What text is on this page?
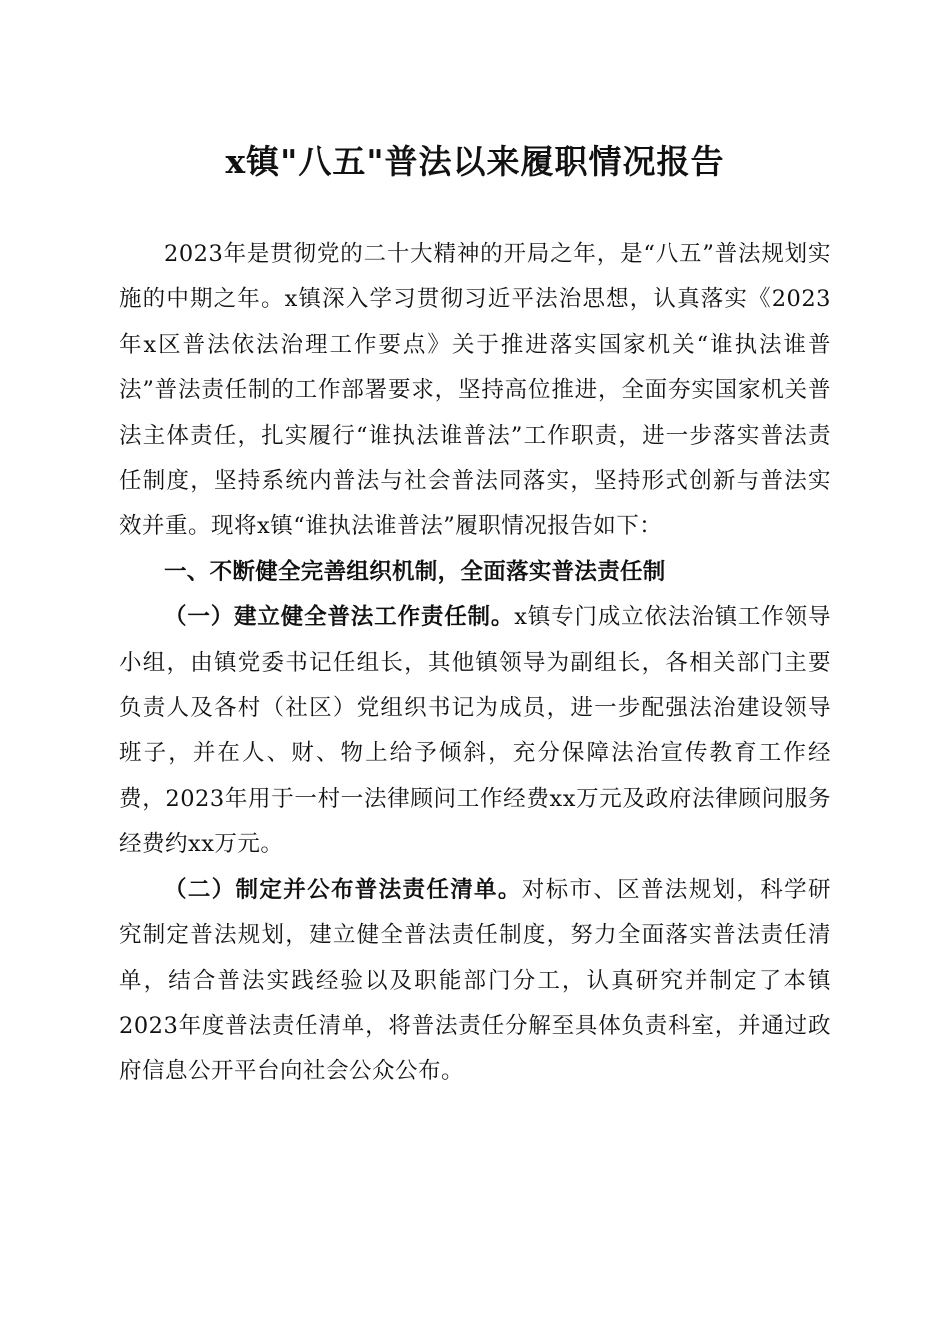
x镇"八五"普法以来履职情况报告

2023年是贯彻党的二十大精神的开局之年，是“八五”普法规划实施的中期之年。x镇深入学习贯彻习近平法治思想，认真落实《2023年x区普法依法治理工作要点》关于推进落实国家机关“谁执法谁普法”普法责任制的工作部署要求，坚持高位推进，全面夯实国家机关普法主体责任，扎实履行“谁执法谁普法”工作职责，进一步落实普法责任制度，坚持系统内普法与社会普法同落实，坚持形式创新与普法实效并重。现将x镇“谁执法谁普法”履职情况报告如下：

一、不断健全完善组织机制，全面落实普法责任制

（一）建立健全普法工作责任制。x镇专门成立依法治镇工作领导小组，由镇党委书记任组长，其他镇领导为副组长，各相关部门主要负责人及各村（社区）党组织书记为成员，进一步配强法治建设领导班子，并在人、财、物上给予倾斜，充分保障法治宣传教育工作经费，2023年用于一村一法律顾问工作经费xx万元及政府法律顾问服务经费约xx万元。

（二）制定并公布普法责任清单。对标市、区普法规划，科学研究制定普法规划，建立健全普法责任制度，努力全面落实普法责任清单，结合普法实践经验以及职能部门分工，认真研究并制定了本镇2023年度普法责任清单，将普法责任分解至具体负责科室，并通过政府信息公开平台向社会公众公布。
